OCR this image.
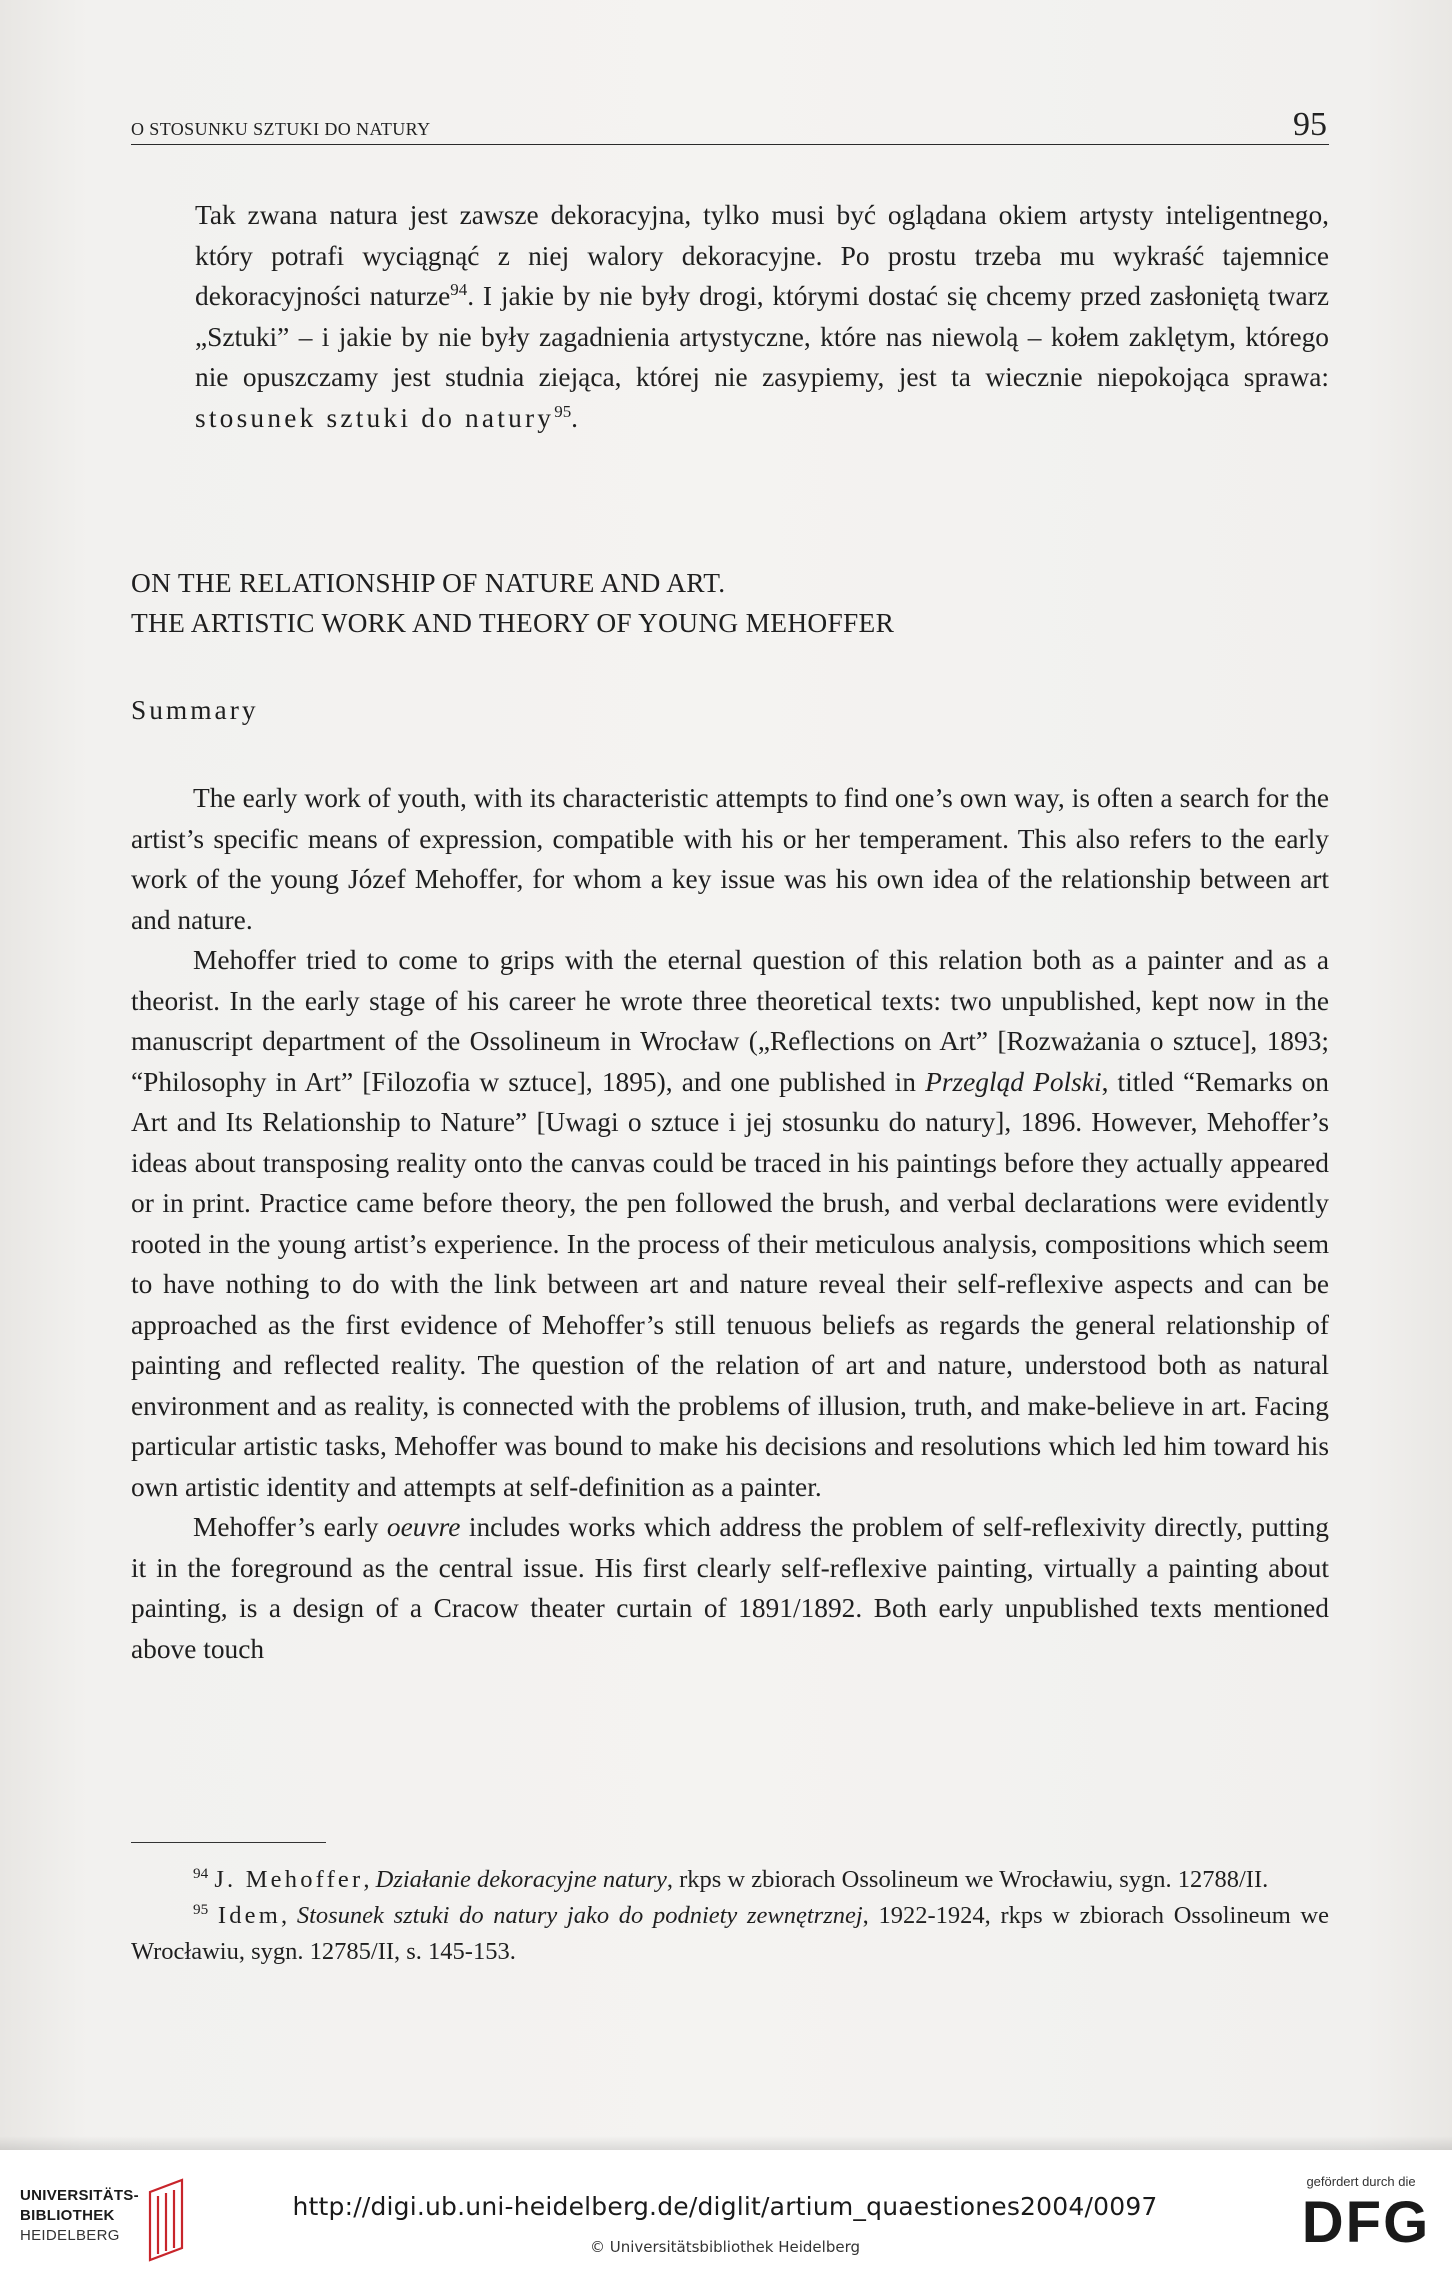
O STOSUNKU SZTUKI DO NATURY	95

Tak zwana natura jest zawsze dekoracyjna, tylko musi być oglądana okiem artysty inteligentnego, który potrafi wyciągnąć z niej walory dekoracyjne. Po prostu trzeba mu wykraść tajemnice dekoracyjności naturze$^{94}$. I jakie by nie były drogi, którymi dostać się chcemy przed zasłoniętą twarz „Sztuki” – i jakie by nie były zagadnienia artystyczne, które nas niewolą – kołem zaklętym, którego nie opuszczamy jest studnia ziejąca, której nie zasypiemy, jest ta wiecznie niepokojąca sprawa: stosunek sztuki do natury$^{95}$.

ON THE RELATIONSHIP OF NATURE AND ART.
THE ARTISTIC WORK AND THEORY OF YOUNG MEHOFFER
Summary

The early work of youth, with its characteristic attempts to find one’s own way, is often a search for the artist’s specific means of expression, compatible with his or her temperament. This also refers to the early work of the young Józef Mehoffer, for whom a key issue was his own idea of the relationship between art and nature.

Mehoffer tried to come to grips with the eternal question of this relation both as a painter and as a theorist. In the early stage of his career he wrote three theoretical texts: two unpublished, kept now in the manuscript department of the Ossolineum in Wrocław („Reflections on Art” [Rozważania o sztuce], 1893; “Philosophy in Art” [Filozofia w sztuce], 1895), and one published in Przegląd Polski, titled “Remarks on Art and Its Relationship to Nature” [Uwagi o sztuce i jej stosunku do natury], 1896. However, Mehoffer’s ideas about transposing reality onto the canvas could be traced in his paintings before they actually appeared or in print. Practice came before theory, the pen followed the brush, and verbal declarations were evidently rooted in the young artist’s experience. In the process of their meticulous analysis, compositions which seem to have nothing to do with the link between art and nature reveal their self-reflexive aspects and can be approached as the first evidence of Mehoffer’s still tenuous beliefs as regards the general relationship of painting and reflected reality. The question of the relation of art and nature, understood both as natural environment and as reality, is connected with the problems of illusion, truth, and make-believe in art. Facing particular artistic tasks, Mehoffer was bound to make his decisions and resolutions which led him toward his own artistic identity and attempts at self-definition as a painter.

Mehoffer’s early oeuvre includes works which address the problem of self-reflexivity directly, putting it in the foreground as the central issue. His first clearly self-reflexive painting, virtually a painting about painting, is a design of a Cracow theater curtain of 1891/1892. Both early unpublished texts mentioned above touch

$^{94}$ J. Mehoffer, Działanie dekoracyjne natury, rkps w zbiorach Ossolineum we Wrocławiu, sygn. 12788/II.

$^{95}$ Idem, Stosunek sztuki do natury jako do podniety zewnętrznej, 1922-1924, rkps w zbiorach Ossolineum we Wrocławiu, sygn. 12785/II, s. 145-153.

UNIVERSITÄTS-
BIBLIOTHEK
HEIDELBERG
http://digi.ub.uni-heidelberg.de/diglit/artium_quaestiones2004/0097
© Universitätsbibliothek Heidelberg
gefördert durch die
DFG
